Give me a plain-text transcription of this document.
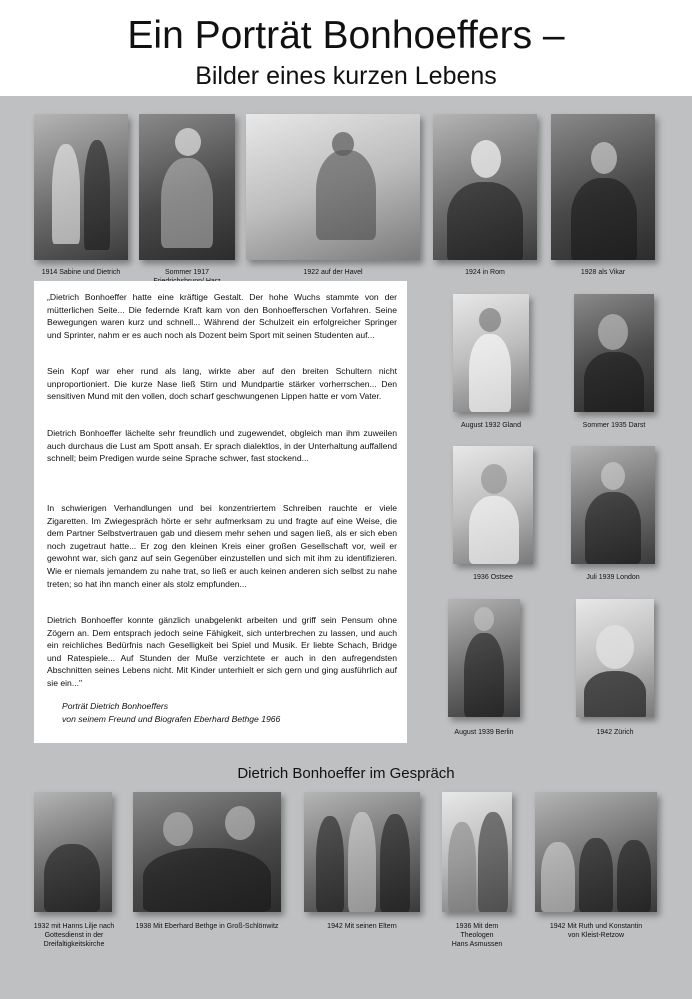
Ein Porträt Bonhoeffers –
Bilder eines kurzen Lebens
1914 Sabine und Dietrich	Sommer 1917	1922 auf der Havel	1924 in Rom	1928 als Vikar

„Dietrich Bonhoeffer hatte eine kräftige Gestalt. Der hohe Wuchs stammte von der mütterlichen Seite... Die federnde Kraft kam von den Bonhoefferschen Vorfahren. Seine Bewegungen waren kurz und schnell... Während der Schulzeit ein erfolgreicher Springer und Sprinter, nahm er es auch noch als Dozent beim Sport mit seinen Studenten auf...

Sein Kopf war eher rund als lang, wirkte aber auf den breiten Schultern nicht unproportioniert. Die kurze Nase ließ Stirn und Mundpartie stärker vorherrschen... Den sensitiven Mund mit den vollen, doch scharf geschwungenen Lippen hatte er vom Vater.

Dietrich Bonhoeffer lächelte sehr freundlich und zugewendet, obgleich man ihm zuweilen auch durchaus die Lust am Spott ansah. Er sprach dialektlos, in der Unterhaltung auffallend schnell; beim Predigen wurde seine Sprache schwer, fast stockend...

In schwierigen Verhandlungen und bei konzentriertem Schreiben rauchte er viele Zigaretten. Im Zwiegespräch hörte er sehr aufmerksam zu und fragte auf eine Weise, die dem Partner Selbstvertrauen gab und diesem mehr sehen und sagen ließ, als er sich eben noch zugetraut hatte... Er zog den kleinen Kreis einer großen Gesellschaft vor, weil er gewohnt war, sich ganz auf sein Gegenüber einzustellen und sich mit ihm zu identifizieren. Wie er niemals jemandem zu nahe trat, so ließ er auch keinen anderen sich selbst zu nahe treten; so hat ihn manch einer als stolz empfunden...

Dietrich Bonhoeffer konnte gänzlich unabgelenkt arbeiten und griff sein Pensum ohne Zögern an. Dem entsprach jedoch seine Fähigkeit, sich unterbrechen zu lassen, und auch ein reichliches Bedürfnis nach Geselligkeit bei Spiel und Musik. Er liebte Schach, Bridge und Ratespiele... Auf Stunden der Muße verzichtete er auch in den aufregendsten Abschnitten seines Lebens nicht. Mit Kinder unterhielt er sich gern und ging ausführlich auf sie ein..."

Porträt Dietrich Bonhoeffers
von seinem Freund und Biografen Eberhard Bethge 1966
August 1932 Gland	Sommer 1935 Darst
1936 Ostsee	Juli 1939 London
August 1939 Berlin	1942 Zürich
Dietrich Bonhoeffer im Gespräch
1932 mit Hanns Lilje nach
Gottesdienst in der
Dreifaltigkeitskirche
1938 Mit Eberhard Bethge in Groß-Schlönwitz	1942 Mit seinen Eltern	1936 Mit dem
Theologen
Hans Asmussen
1942 Mit Ruth und Konstantin
von Kleist-Retzow
